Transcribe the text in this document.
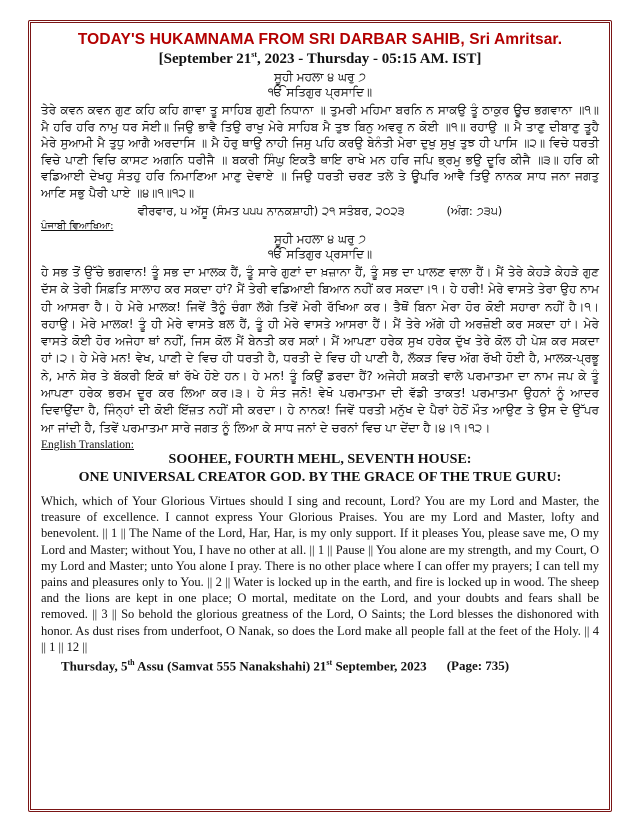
TODAY'S HUKAMNAMA FROM SRI DARBAR SAHIB, Sri Amritsar.
[September 21st, 2023 - Thursday - 05:15 AM. IST]
ਸੂਹੀ ਮਹਲਾ ੪ ਘਰੁ ੭
ੴ ਸਤਿਗੁਰ ਪ੍ਰਸਾਦਿ॥

ਤੇਰੇ ਕਵਨ ਕਵਨ ਗੁਣ ਕਹਿ ਕਹਿ ਗਾਵਾ ਤੂ ਸਾਹਿਬ ਗੁਣੀ ਨਿਧਾਨਾ ॥ ਤੁਮਰੀ ਮਹਿਮਾ ਬਰਨਿ ਨ ਸਾਕਉ ਤੂੰ ਠਾਕੁਰ ਊਚ ਭਗਵਾਨਾ ॥੧॥ ਮੈ ਹਰਿ ਹਰਿ ਨਾਮੁ ਧਰ ਸੋਈ॥ ਜਿਉ ਭਾਵੈ ਤਿਉ ਰਾਖੁ ਮੇਰੇ ਸਾਹਿਬ ਮੈ ਤੁਝ ਬਿਨੁ ਅਵਰੁ ਨ ਕੋਈ ॥੧॥ ਰਹਾਉ ॥ ਮੈ ਤਾਣੁ ਦੀਬਾਣੁ ਤੂਹੈ ਮੇਰੇ ਸੁਆਮੀ ਮੈ ਤੁਧੁ ਆਗੈ ਅਰਦਾਸਿ ॥ ਮੈ ਹੋਰੁ ਥਾਉ ਨਾਹੀ ਜਿਸੁ ਪਹਿ ਕਰਉ ਬੇਨੰਤੀ ਮੇਰਾ ਦੁਖੁ ਸੁਖੁ ਤੁਝ ਹੀ ਪਾਸਿ ॥੨॥ ਵਿਚੇ ਧਰਤੀ ਵਿਚੇ ਪਾਣੀ ਵਿਚਿ ਕਾਸਟ ਅਗਨਿ ਧਰੀਜੈ ॥ ਬਕਰੀ ਸਿੰਘੁ ਇਕਤੈ ਥਾਇ ਰਾਖੇ ਮਨ ਹਰਿ ਜਪਿ ਭ੍ਰਮੁ ਭਉ ਦੂਰਿ ਕੀਜੈ ॥੩॥ ਹਰਿ ਕੀ ਵਡਿਆਈ ਦੇਖਹੁ ਸੰਤਹੁ ਹਰਿ ਨਿਮਾਣਿਆ ਮਾਣੁ ਦੇਵਾਏ ॥ ਜਿਉ ਧਰਤੀ ਚਰਣ ਤਲੇ ਤੇ ਊਪਰਿ ਆਵੈ ਤਿਉ ਨਾਨਕ ਸਾਧ ਜਨਾ ਜਗਤੁ ਆਣਿ ਸਭੁ ਪੈਰੀ ਪਾਏ ॥੪॥੧॥੧੨॥

ਵੀਰਵਾਰ, ੫ ਅੱਸੂ (ਸੰਮਤ ੫੫੫ ਨਾਨਕਸ਼ਾਹੀ) ੨੧ ਸਤੰਬਰ, ੨੦੨੩	(ਅੰਗ: ੭੩੫)
ਪੰਜਾਬੀ ਵਿਆਖਿਆ:
ਸੂਹੀ ਮਹਲਾ ੪ ਘਰੁ ੭
ੴ ਸਤਿਗੁਰ ਪ੍ਰਸਾਦਿ॥

ਹੇ ਸਭ ਤੋਂ ਉੱਚੇ ਭਗਵਾਨ! ਤੂੰ ਸਭ ਦਾ ਮਾਲਕ ਹੈਂ, ਤੂੰ ਸਾਰੇ ਗੁਣਾਂ ਦਾ ਖ਼ਜ਼ਾਨਾ ਹੈਂ, ਤੂੰ ਸਭ ਦਾ ਪਾਲਣ ਵਾਲਾ ਹੈਂ। ਮੈਂ ਤੇਰੇ ਕੇਹੜੇ ਕੇਹੜੇ ਗੁਣ ਦੱਸ ਕੇ ਤੇਰੀ ਸਿਫ਼ਤਿ ਸਾਲਾਹ ਕਰ ਸਕਦਾ ਹਾਂ? ਮੈਂ ਤੇਰੀ ਵਡਿਆਈ ਬਿਆਨ ਨਹੀਂ ਕਰ ਸਕਦਾ।੧। ਹੇ ਹਰੀ! ਮੇਰੇ ਵਾਸਤੇ ਤੇਰਾ ਉਹ ਨਾਮ ਹੀ ਆਸਰਾ ਹੈ। ਹੇ ਮੇਰੇ ਮਾਲਕ! ਜਿਵੇਂ ਤੈਨੂੰ ਚੰਗਾ ਲੱਗੇ ਤਿਵੇਂ ਮੇਰੀ ਰੱਖਿਆ ਕਰ। ਤੈਥੋਂ ਬਿਨਾ ਮੇਰਾ ਹੋਰ ਕੋਈ ਸਹਾਰਾ ਨਹੀਂ ਹੈ।੧। ਰਹਾਉ। ਮੇਰੇ ਮਾਲਕ! ਤੂੰ ਹੀ ਮੇਰੇ ਵਾਸਤੇ ਬਲ ਹੈਂ, ਤੂੰ ਹੀ ਮੇਰੇ ਵਾਸਤੇ ਆਸਰਾ ਹੈਂ। ਮੈਂ ਤੇਰੇ ਅੱਗੇ ਹੀ ਅਰਜ਼ੋਈ ਕਰ ਸਕਦਾ ਹਾਂ। ਮੇਰੇ ਵਾਸਤੇ ਕੋਈ ਹੋਰ ਅਜੇਹਾ ਥਾਂ ਨਹੀਂ, ਜਿਸ ਕੋਲ ਮੈਂ ਬੇਨਤੀ ਕਰ ਸਕਾਂ। ਮੈਂ ਆਪਣਾ ਹਰੇਕ ਸੁਖ ਹਰੇਕ ਦੁੱਖ ਤੇਰੇ ਕੋਲ ਹੀ ਪੇਸ਼ ਕਰ ਸਕਦਾ ਹਾਂ।੨। ਹੇ ਮੇਰੇ ਮਨ! ਵੇਖ, ਪਾਣੀ ਦੇ ਵਿਚ ਹੀ ਧਰਤੀ ਹੈ, ਧਰਤੀ ਦੇ ਵਿਚ ਹੀ ਪਾਣੀ ਹੈ, ਲੱਕੜ ਵਿਚ ਅੱਗ ਰੱਖੀ ਹੋਈ ਹੈ, ਮਾਲਕ-ਪ੍ਰਭੂ ਨੇ, ਮਾਨੋ ਸ਼ੇਰ ਤੇ ਬੱਕਰੀ ਇਕੋ ਥਾਂ ਰੱਖੇ ਹੋਏ ਹਨ। ਹੇ ਮਨ! ਤੂੰ ਕਿਉਂ ਡਰਦਾ ਹੈਂ? ਅਜੇਹੀ ਸ਼ਕਤੀ ਵਾਲੇ ਪਰਮਾਤਮਾ ਦਾ ਨਾਮ ਜਪ ਕੇ ਤੂੰ ਆਪਣਾ ਹਰੇਕ ਭਰਮ ਦੂਰ ਕਰ ਲਿਆ ਕਰ।੩। ਹੇ ਸੰਤ ਜਨੋ! ਵੇਖੋ ਪਰਮਾਤਮਾ ਦੀ ਵੱਡੀ ਤਾਕਤ! ਪਰਮਾਤਮਾ ਉਹਨਾਂ ਨੂੰ ਆਦਰ ਦਿਵਾਉਂਦਾ ਹੈ, ਜਿੰਨ੍ਹਾਂ ਦੀ ਕੋਈ ਇੱਜ਼ਤ ਨਹੀਂ ਸੀ ਕਰਦਾ। ਹੇ ਨਾਨਕ! ਜਿਵੇਂ ਧਰਤੀ ਮਨੁੱਖ ਦੇ ਪੈਰਾਂ ਹੇਠੋਂ ਮੌਤ ਆਉਣ ਤੇ ਉਸ ਦੇ ਉੱਪਰ ਆ ਜਾਂਦੀ ਹੈ, ਤਿਵੇਂ ਪਰਮਾਤਮਾ ਸਾਰੇ ਜਗਤ ਨੂੰ ਲਿਆ ਕੇ ਸਾਧ ਜਨਾਂ ਦੇ ਚਰਨਾਂ ਵਿਚ ਪਾ ਦੇਂਦਾ ਹੈ।੪।੧।੧੨।

English Translation:
SOOHEE, FOURTH MEHL, SEVENTH HOUSE:
ONE UNIVERSAL CREATOR GOD. BY THE GRACE OF THE TRUE GURU:

Which, which of Your Glorious Virtues should I sing and recount, Lord? You are my Lord and Master, the treasure of excellence. I cannot express Your Glorious Praises. You are my Lord and Master, lofty and benevolent. || 1 || The Name of the Lord, Har, Har, is my only support. If it pleases You, please save me, O my Lord and Master; without You, I have no other at all. || 1 || Pause || You alone are my strength, and my Court, O my Lord and Master; unto You alone I pray. There is no other place where I can offer my prayers; I can tell my pains and pleasures only to You. || 2 || Water is locked up in the earth, and fire is locked up in wood. The sheep and the lions are kept in one place; O mortal, meditate on the Lord, and your doubts and fears shall be removed. || 3 || So behold the glorious greatness of the Lord, O Saints; the Lord blesses the dishonored with honor. As dust rises from underfoot, O Nanak, so does the Lord make all people fall at the feet of the Holy. || 4 || 1 || 12 ||

Thursday, 5th Assu (Samvat 555 Nanakshahi) 21st September, 2023 (Page: 735)
